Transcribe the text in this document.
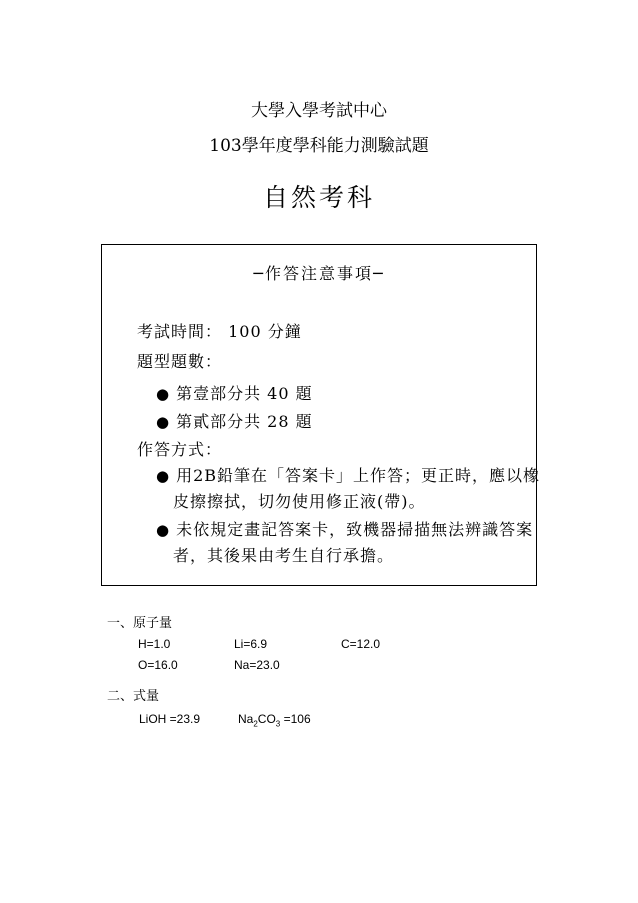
大學入學考試中心
103學年度學科能力測驗試題
自然考科
─作答注意事項─
考試時間： 100 分鐘
題型題數：
● 第壹部分共 40 題
● 第貳部分共 28 題
作答方式：
● 用2B鉛筆在「答案卡」上作答；更正時，應以橡
皮擦擦拭，切勿使用修正液(帶)。
● 未依規定畫記答案卡，致機器掃描無法辨識答案
者，其後果由考生自行承擔。
一、原子量
H=1.0	Li=6.9	C=12.0
O=16.0	Na=23.0
二、式量
LiOH =23.9	$Na_2CO_3 =106$
